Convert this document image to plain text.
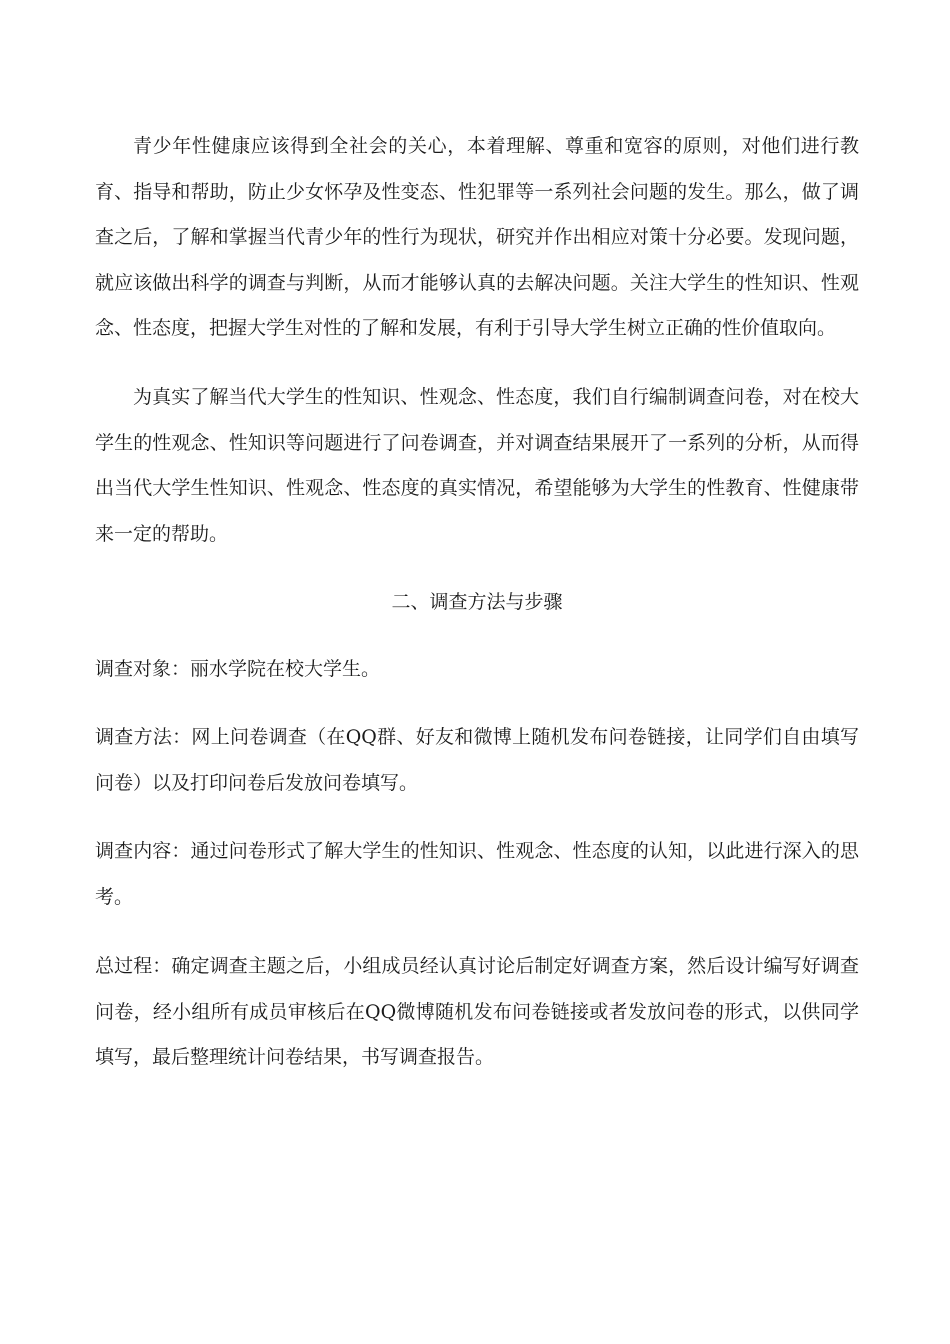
青少年性健康应该得到全社会的关心，本着理解、尊重和宽容的原则，对他们进行教育、指导和帮助，防止少女怀孕及性变态、性犯罪等一系列社会问题的发生。那么，做了调查之后，了解和掌握当代青少年的性行为现状，研究并作出相应对策十分必要。发现问题，就应该做出科学的调查与判断，从而才能够认真的去解决问题。关注大学生的性知识、性观念、性态度，把握大学生对性的了解和发展，有利于引导大学生树立正确的性价值取向。

为真实了解当代大学生的性知识、性观念、性态度，我们自行编制调查问卷，对在校大学生的性观念、性知识等问题进行了问卷调查，并对调查结果展开了一系列的分析，从而得出当代大学生性知识、性观念、性态度的真实情况，希望能够为大学生的性教育、性健康带来一定的帮助。

二、调查方法与步骤

调查对象：丽水学院在校大学生。

调查方法：网上问卷调查（在QQ群、好友和微博上随机发布问卷链接，让同学们自由填写问卷）以及打印问卷后发放问卷填写。

调查内容：通过问卷形式了解大学生的性知识、性观念、性态度的认知，以此进行深入的思考。

总过程：确定调查主题之后，小组成员经认真讨论后制定好调查方案，然后设计编写好调查问卷，经小组所有成员审核后在QQ微博随机发布问卷链接或者发放问卷的形式，以供同学填写，最后整理统计问卷结果，书写调查报告。
